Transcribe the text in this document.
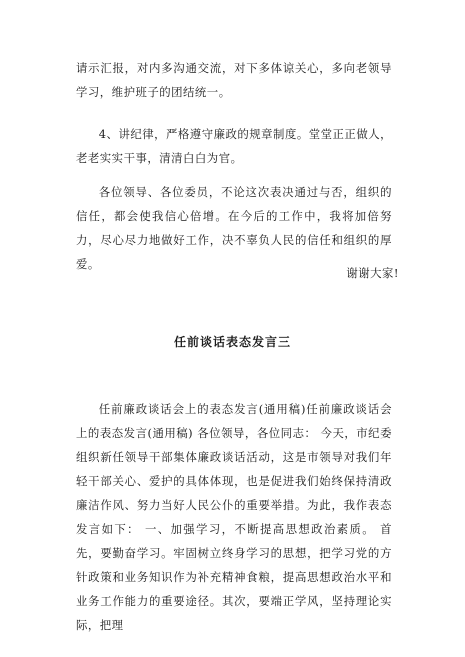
请示汇报，对内多沟通交流，对下多体谅关心，多向老领导学习，维护班子的团结统一。

4、讲纪律，严格遵守廉政的规章制度。堂堂正正做人，老老实实干事，清清白白为官。

各位领导、各位委员，不论这次表决通过与否，组织的信任，都会使我信心倍增。在今后的工作中，我将加倍努力，尽心尽力地做好工作，决不辜负人民的信任和组织的厚爱。

谢谢大家!

任前谈话表态发言三

任前廉政谈话会上的表态发言(通用稿)任前廉政谈话会上的表态发言(通用稿) 各位领导，各位同志： 今天，市纪委组织新任领导干部集体廉政谈话活动，这是市领导对我们年轻干部关心、爱护的具体体现，也是促进我们始终保持清政廉洁作风、努力当好人民公仆的重要举措。为此，我作表态发言如下： 一、加强学习，不断提高思想政治素质。 首先，要勤奋学习。牢固树立终身学习的思想，把学习党的方针政策和业务知识作为补充精神食粮，提高思想政治水平和业务工作能力的重要途径。其次，要端正学风，坚持理论实际，把理
